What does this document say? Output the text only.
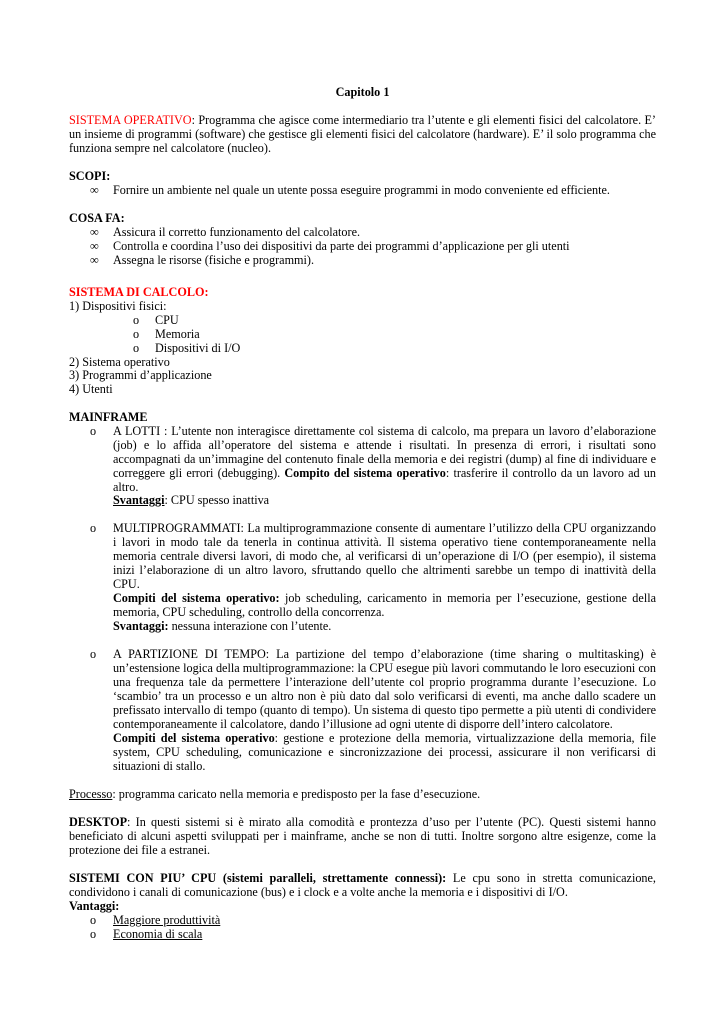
Capitolo 1

SISTEMA OPERATIVO: Programma che agisce come intermediario tra l’utente e gli elementi fisici del calcolatore. E’ un insieme di programmi (software) che gestisce gli elementi fisici del calcolatore (hardware). E’ il solo programma che funziona sempre nel calcolatore (nucleo).

SCOPI:
∞ Fornire un ambiente nel quale un utente possa eseguire programmi in modo conveniente ed efficiente.
COSA FA:
∞ Assicura il corretto funzionamento del calcolatore.
∞ Controlla e coordina l’uso dei dispositivi da parte dei programmi d’applicazione per gli utenti
∞ Assegna le risorse (fisiche e programmi).
SISTEMA DI CALCOLO:
1) Dispositivi fisici:
o CPU
o Memoria
o Dispositivi di I/O
2) Sistema operativo
3) Programmi d’applicazione
4) Utenti
MAINFRAME
o A LOTTI : L’utente non interagisce direttamente col sistema di calcolo, ma prepara un lavoro d’elaborazione (job) e lo affida all’operatore del sistema e attende i risultati. In presenza di errori, i risultati sono accompagnati da un’immagine del contenuto finale della memoria e dei registri (dump) al fine di individuare e correggere gli errori (debugging). Compito del sistema operativo: trasferire il controllo da un lavoro ad un altro.

Svantaggi: CPU spesso inattiva

o MULTIPROGRAMMATI: La multiprogrammazione consente di aumentare l’utilizzo della CPU organizzando i lavori in modo tale da tenerla in continua attività. Il sistema operativo tiene contemporaneamente nella memoria centrale diversi lavori, di modo che, al verificarsi di un’operazione di I/O (per esempio), il sistema inizi l’elaborazione di un altro lavoro, sfruttando quello che altrimenti sarebbe un tempo di inattività della CPU.

Compiti del sistema operativo: job scheduling, caricamento in memoria per l’esecuzione, gestione della memoria, CPU scheduling, controllo della concorrenza.

Svantaggi: nessuna interazione con l’utente.

o A PARTIZIONE DI TEMPO: La partizione del tempo d’elaborazione (time sharing o multitasking) è un’estensione logica della multiprogrammazione: la CPU esegue più lavori commutando le loro esecuzioni con una frequenza tale da permettere l’interazione dell’utente col proprio programma durante l’esecuzione. Lo ‘scambio’ tra un processo e un altro non è più dato dal solo verificarsi di eventi, ma anche dallo scadere un prefissato intervallo di tempo (quanto di tempo). Un sistema di questo tipo permette a più utenti di condividere contemporaneamente il calcolatore, dando l’illusione ad ogni utente di disporre dell’intero calcolatore.

Compiti del sistema operativo: gestione e protezione della memoria, virtualizzazione della memoria, file system, CPU scheduling, comunicazione e sincronizzazione dei processi, assicurare il non verificarsi di situazioni di stallo.

Processo: programma caricato nella memoria e predisposto per la fase d’esecuzione.

DESKTOP: In questi sistemi si è mirato alla comodità e prontezza d’uso per l’utente (PC). Questi sistemi hanno beneficiato di alcuni aspetti sviluppati per i mainframe, anche se non di tutti. Inoltre sorgono altre esigenze, come la protezione dei file a estranei.

SISTEMI CON PIU’ CPU (sistemi paralleli, strettamente connessi): Le cpu sono in stretta comunicazione, condividono i canali di comunicazione (bus) e i clock e a volte anche la memoria e i dispositivi di I/O.

Vantaggi:
o Maggiore produttività
o Economia di scala
